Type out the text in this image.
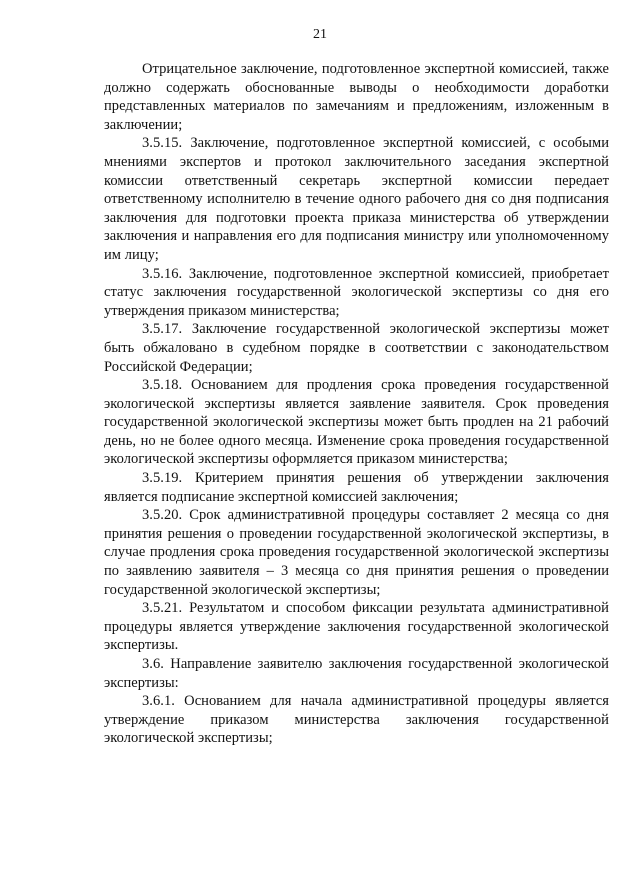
21

Отрицательное заключение, подготовленное экспертной комиссией, также должно содержать обоснованные выводы о необходимости доработки представленных материалов по замечаниям и предложениям, изложенным в заключении;

3.5.15. Заключение, подготовленное экспертной комиссией, с особыми мнениями экспертов и протокол заключительного заседания экспертной комиссии ответственный секретарь экспертной комиссии передает ответственному исполнителю в течение одного рабочего дня со дня подписания заключения для подготовки проекта приказа министерства об утверждении заключения и направления его для подписания министру или уполномоченному им лицу;

3.5.16. Заключение, подготовленное экспертной комиссией, приобретает статус заключения государственной экологической экспертизы со дня его утверждения приказом министерства;

3.5.17. Заключение государственной экологической экспертизы может быть обжаловано в судебном порядке в соответствии с законодательством Российской Федерации;

3.5.18. Основанием для продления срока проведения государственной экологической экспертизы является заявление заявителя. Срок проведения государственной экологической экспертизы может быть продлен на 21 рабочий день, но не более одного месяца. Изменение срока проведения государственной экологической экспертизы оформляется приказом министерства;

3.5.19. Критерием принятия решения об утверждении заключения является подписание экспертной комиссией заключения;

3.5.20. Срок административной процедуры составляет 2 месяца со дня принятия решения о проведении государственной экологической экспертизы, в случае продления срока проведения государственной экологической экспертизы по заявлению заявителя – 3 месяца со дня принятия решения о проведении государственной экологической экспертизы;

3.5.21. Результатом и способом фиксации результата административной процедуры является утверждение заключения государственной экологической экспертизы.

3.6. Направление заявителю заключения государственной экологической экспертизы:

3.6.1. Основанием для начала административной процедуры является утверждение приказом министерства заключения государственной экологической экспертизы;
